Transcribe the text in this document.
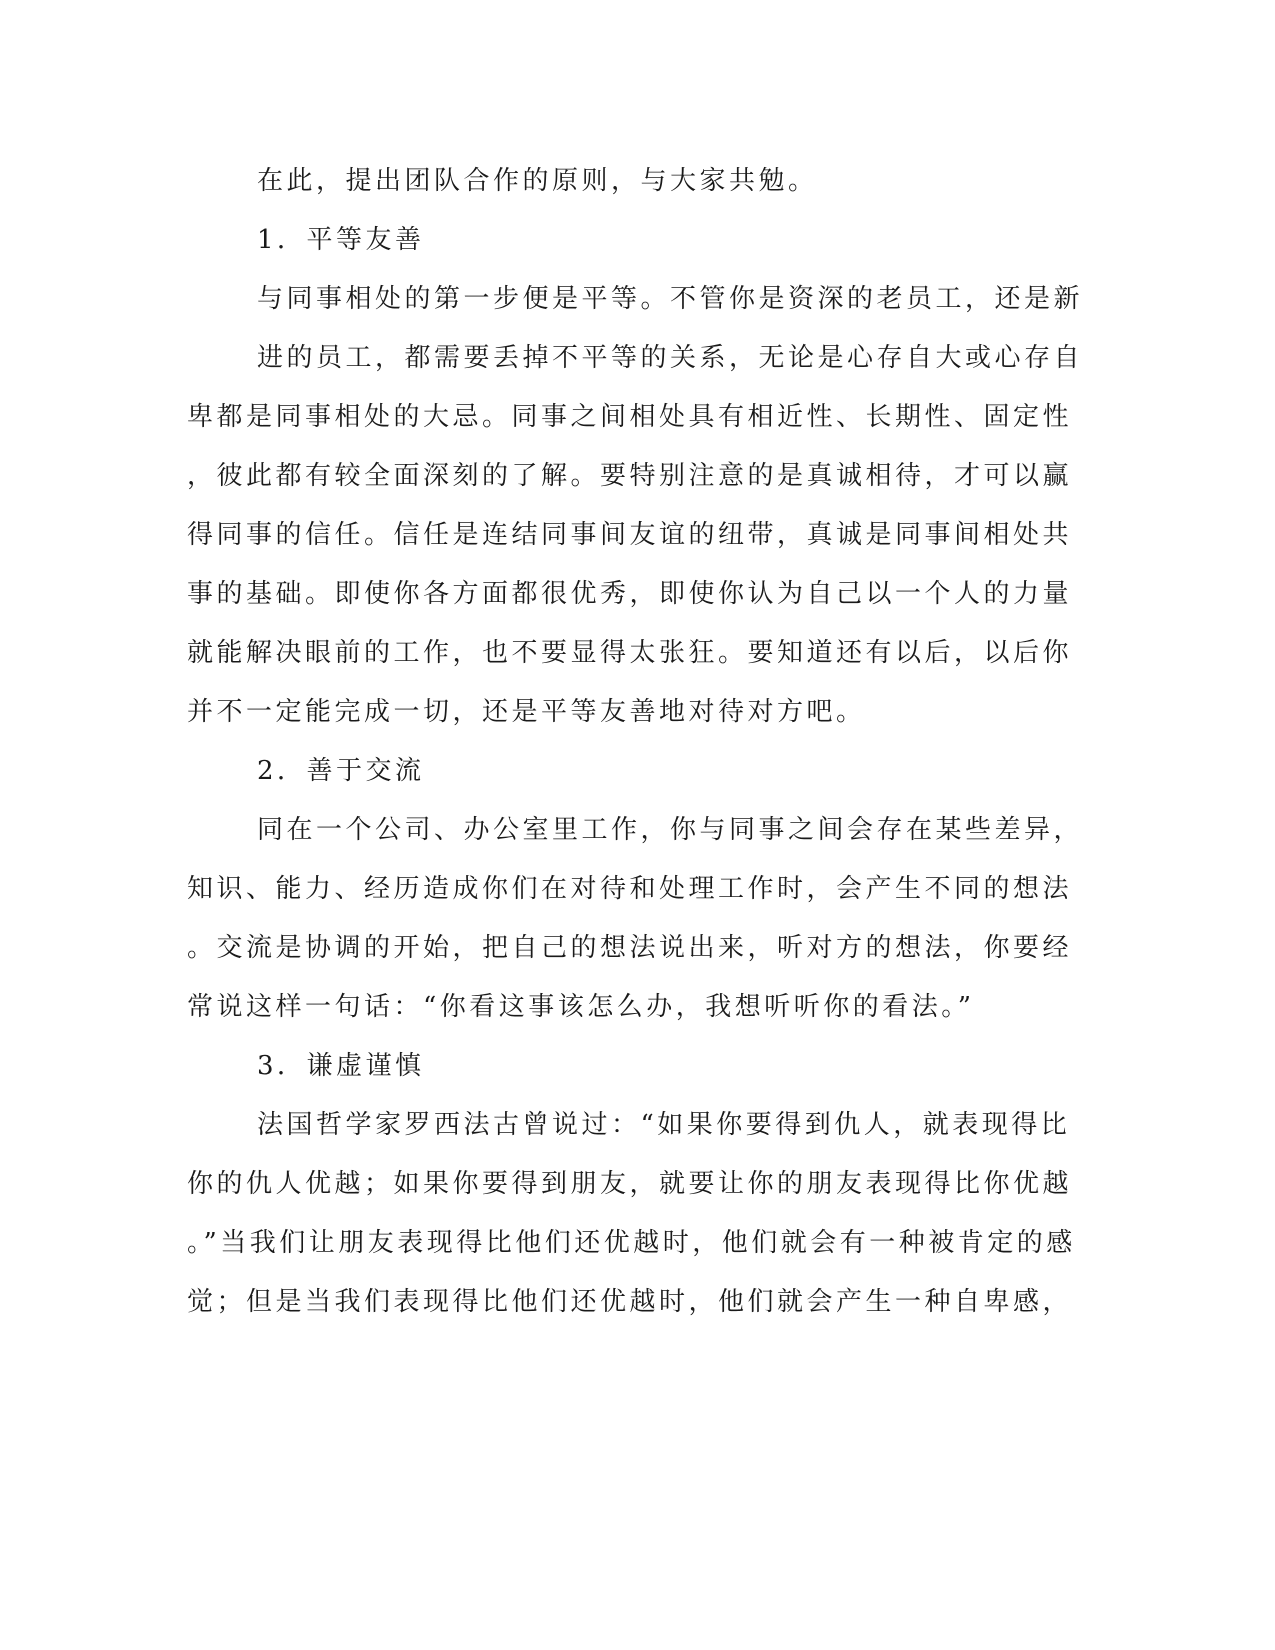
在此，提出团队合作的原则，与大家共勉。
1．平等友善
与同事相处的第一步便是平等。不管你是资深的老员工，还是新
进的员工，都需要丢掉不平等的关系，无论是心存自大或心存自
卑都是同事相处的大忌。同事之间相处具有相近性、长期性、固定性
，彼此都有较全面深刻的了解。要特别注意的是真诚相待，才可以赢
得同事的信任。信任是连结同事间友谊的纽带，真诚是同事间相处共
事的基础。即使你各方面都很优秀，即使你认为自己以一个人的力量
就能解决眼前的工作，也不要显得太张狂。要知道还有以后，以后你
并不一定能完成一切，还是平等友善地对待对方吧。
2．善于交流
同在一个公司、办公室里工作，你与同事之间会存在某些差异，
知识、能力、经历造成你们在对待和处理工作时，会产生不同的想法
。交流是协调的开始，把自己的想法说出来，听对方的想法，你要经
常说这样一句话：“你看这事该怎么办，我想听听你的看法。”
3．谦虚谨慎
法国哲学家罗西法古曾说过：“如果你要得到仇人，就表现得比
你的仇人优越；如果你要得到朋友，就要让你的朋友表现得比你优越
。”当我们让朋友表现得比他们还优越时，他们就会有一种被肯定的感
觉；但是当我们表现得比他们还优越时，他们就会产生一种自卑感，
